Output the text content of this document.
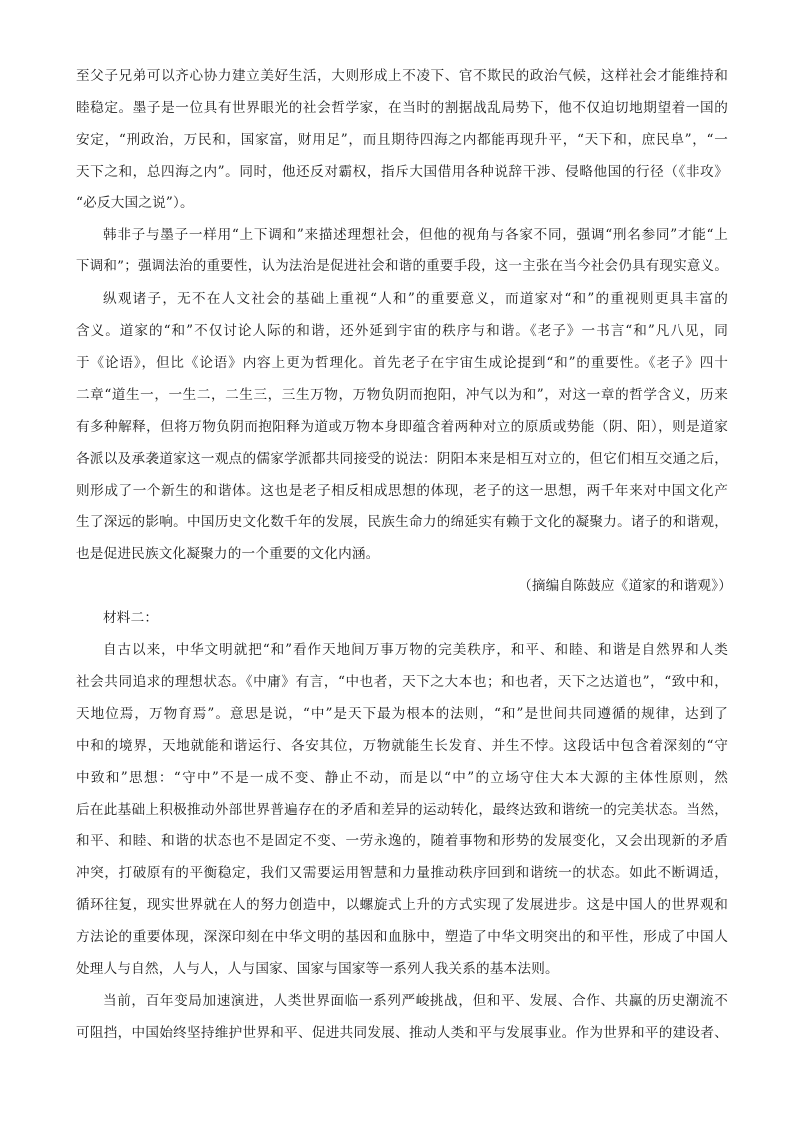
至父子兄弟可以齐心协力建立美好生活，大则形成上不凌下、官不欺民的政治气候，这样社会才能维持和
睦稳定。墨子是一位具有世界眼光的社会哲学家，在当时的割据战乱局势下，他不仅迫切地期望着一国的
安定，“刑政治，万民和，国家富，财用足”，而且期待四海之内都能再现升平，“天下和，庶民阜”，“一
天下之和，总四海之内”。同时，他还反对霸权，指斥大国借用各种说辞干涉、侵略他国的行径（《非攻》
“必反大国之说”）。
韩非子与墨子一样用“上下调和”来描述理想社会，但他的视角与各家不同，强调“刑名参同”才能“上
下调和”；强调法治的重要性，认为法治是促进社会和谐的重要手段，这一主张在当今社会仍具有现实意义。
纵观诸子，无不在人文社会的基础上重视“人和”的重要意义，而道家对“和”的重视则更具丰富的
含义。道家的“和”不仅讨论人际的和谐，还外延到宇宙的秩序与和谐。《老子》一书言“和”凡八见，同
于《论语》，但比《论语》内容上更为哲理化。首先老子在宇宙生成论提到“和”的重要性。《老子》四十
二章“道生一，一生二，二生三，三生万物，万物负阴而抱阳，冲气以为和”，对这一章的哲学含义，历来
有多种解释，但将万物负阴而抱阳释为道或万物本身即蕴含着两种对立的原质或势能（阴、阳），则是道家
各派以及承袭道家这一观点的儒家学派都共同接受的说法：阴阳本来是相互对立的，但它们相互交通之后，
则形成了一个新生的和谐体。这也是老子相反相成思想的体现，老子的这一思想，两千年来对中国文化产
生了深远的影响。中国历史文化数千年的发展，民族生命力的绵延实有赖于文化的凝聚力。诸子的和谐观，
也是促进民族文化凝聚力的一个重要的文化内涵。
（摘编自陈鼓应《道家的和谐观》）
材料二：
自古以来，中华文明就把“和”看作天地间万事万物的完美秩序，和平、和睦、和谐是自然界和人类
社会共同追求的理想状态。《中庸》有言，“中也者，天下之大本也；和也者，天下之达道也”，“致中和，
天地位焉，万物育焉”。意思是说，“中”是天下最为根本的法则，“和”是世间共同遵循的规律，达到了
中和的境界，天地就能和谐运行、各安其位，万物就能生长发育、并生不悖。这段话中包含着深刻的“守
中致和”思想：“守中”不是一成不变、静止不动，而是以“中”的立场守住大本大源的主体性原则，然
后在此基础上积极推动外部世界普遍存在的矛盾和差异的运动转化，最终达致和谐统一的完美状态。当然，
和平、和睦、和谐的状态也不是固定不变、一劳永逸的，随着事物和形势的发展变化，又会出现新的矛盾
冲突，打破原有的平衡稳定，我们又需要运用智慧和力量推动秩序回到和谐统一的状态。如此不断调适，
循环往复，现实世界就在人的努力创造中，以螺旋式上升的方式实现了发展进步。这是中国人的世界观和
方法论的重要体现，深深印刻在中华文明的基因和血脉中，塑造了中华文明突出的和平性，形成了中国人
处理人与自然，人与人，人与国家、国家与国家等一系列人我关系的基本法则。
当前，百年变局加速演进，人类世界面临一系列严峻挑战，但和平、发展、合作、共赢的历史潮流不
可阻挡，中国始终坚持维护世界和平、促进共同发展、推动人类和平与发展事业。作为世界和平的建设者、
